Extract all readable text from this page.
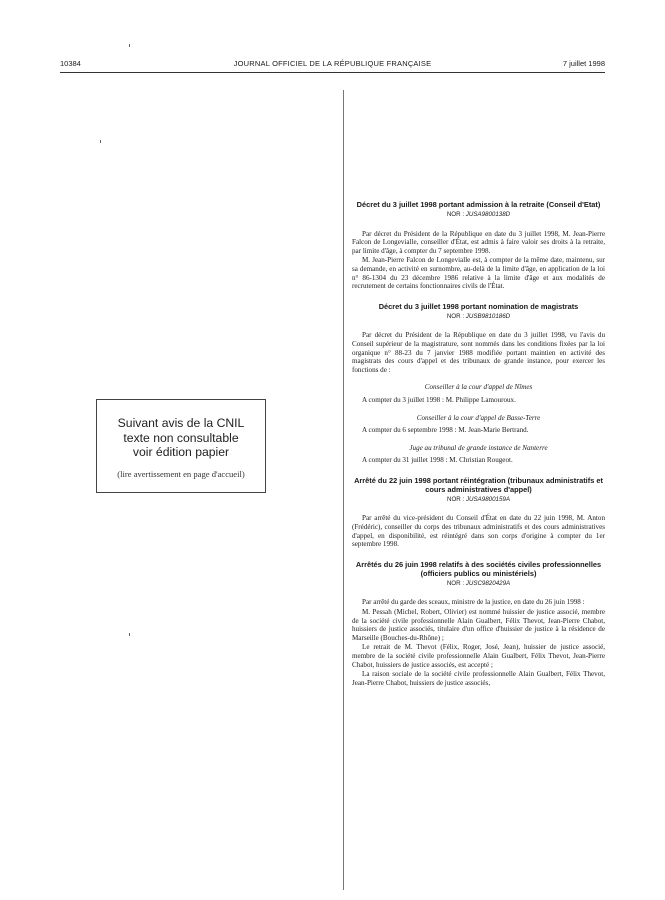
10384	JOURNAL OFFICIEL DE LA RÉPUBLIQUE FRANÇAISE	7 juillet 1998
Suivant avis de la CNIL
texte non consultable
voir édition papier
(lire avertissement en page d'accueil)
Décret du 3 juillet 1998 portant admission à la retraite (Conseil d'Etat)
NOR : JUSA9800138D

Par décret du Président de la République en date du 3 juillet 1998, M. Jean-Pierre Falcon de Longevialle, conseiller d'État, est admis à faire valoir ses droits à la retraite, par limite d'âge, à compter du 7 septembre 1998.

M. Jean-Pierre Falcon de Longevialle est, à compter de la même date, maintenu, sur sa demande, en activité en surnombre, au-delà de la limite d'âge, en application de la loi n° 86-1304 du 23 décembre 1986 relative à la limite d'âge et aux modalités de recrutement de certains fonctionnaires civils de l'État.

Décret du 3 juillet 1998 portant nomination de magistrats
NOR : JUSB9810186D

Par décret du Président de la République en date du 3 juillet 1998, vu l'avis du Conseil supérieur de la magistrature, sont nommés dans les conditions fixées par la loi organique n° 88-23 du 7 janvier 1988 modifiée portant maintien en activité des magistrats des cours d'appel et des tribunaux de grande instance, pour exercer les fonctions de :

Conseiller à la cour d'appel de Nîmes

A compter du 3 juillet 1998 : M. Philippe Lamouroux.

Conseiller à la cour d'appel de Basse-Terre

A compter du 6 septembre 1998 : M. Jean-Marie Bertrand.

Juge au tribunal de grande instance de Nanterre

A compter du 31 juillet 1998 : M. Christian Rougeot.

Arrêté du 22 juin 1998 portant réintégration (tribunaux administratifs et cours administratives d'appel)
NOR : JUSA9800159A

Par arrêté du vice-président du Conseil d'État en date du 22 juin 1998, M. Anton (Frédéric), conseiller du corps des tribunaux administratifs et des cours administratives d'appel, en disponibilité, est réintégré dans son corps d'origine à compter du 1er septembre 1998.

Arrêtés du 26 juin 1998 relatifs à des sociétés civiles professionnelles (officiers publics ou ministériels)
NOR : JUSC9820429A

Par arrêté du garde des sceaux, ministre de la justice, en date du 26 juin 1998 :

M. Pessah (Michel, Robert, Olivier) est nommé huissier de justice associé, membre de la société civile professionnelle Alain Gualbert, Félix Thevot, Jean-Pierre Chabot, huissiers de justice associés, titulaire d'un office d'huissier de justice à la résidence de Marseille (Bouches-du-Rhône) ;

Le retrait de M. Thevot (Félix, Roger, José, Jean), huissier de justice associé, membre de la société civile professionnelle Alain Gualbert, Félix Thevot, Jean-Pierre Chabot, huissiers de justice associés, est accepté ;

La raison sociale de la société civile professionnelle Alain Gualbert, Félix Thevot, Jean-Pierre Chabot, huissiers de justice associés,
